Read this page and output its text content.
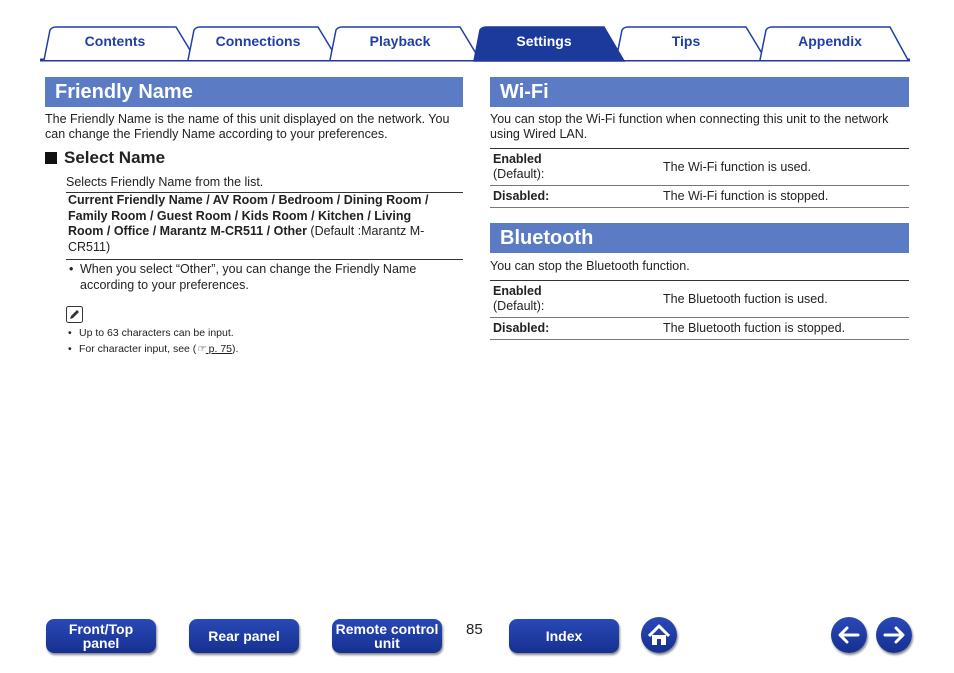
Contents	Connections	Playback	Settings	Tips	Appendix
Friendly Name
The Friendly Name is the name of this unit displayed on the network. You
can change the Friendly Name according to your preferences.
Select Name
Selects Friendly Name from the list.
Current Friendly Name / AV Room / Bedroom / Dining Room /
Family Room / Guest Room / Kids Room / Kitchen / Living
Room / Office / Marantz M-CR511 / Other (Default :Marantz M-
CR511)
• When you select “Other”, you can change the Friendly Name
according to your preferences.
• Up to 63 characters can be input.
• For character input, see (☞ p. 75).
Wi-Fi
You can stop the Wi-Fi function when connecting this unit to the network
using Wired LAN.
Enabled
(Default):	The Wi-Fi function is used.
Disabled:	The Wi-Fi function is stopped.
Bluetooth
You can stop the Bluetooth function.
Enabled
(Default):	The Bluetooth fuction is used.
Disabled:	The Bluetooth fuction is stopped.
Front/Top
panel	Rear panel	Remote control
unit
85	Index
